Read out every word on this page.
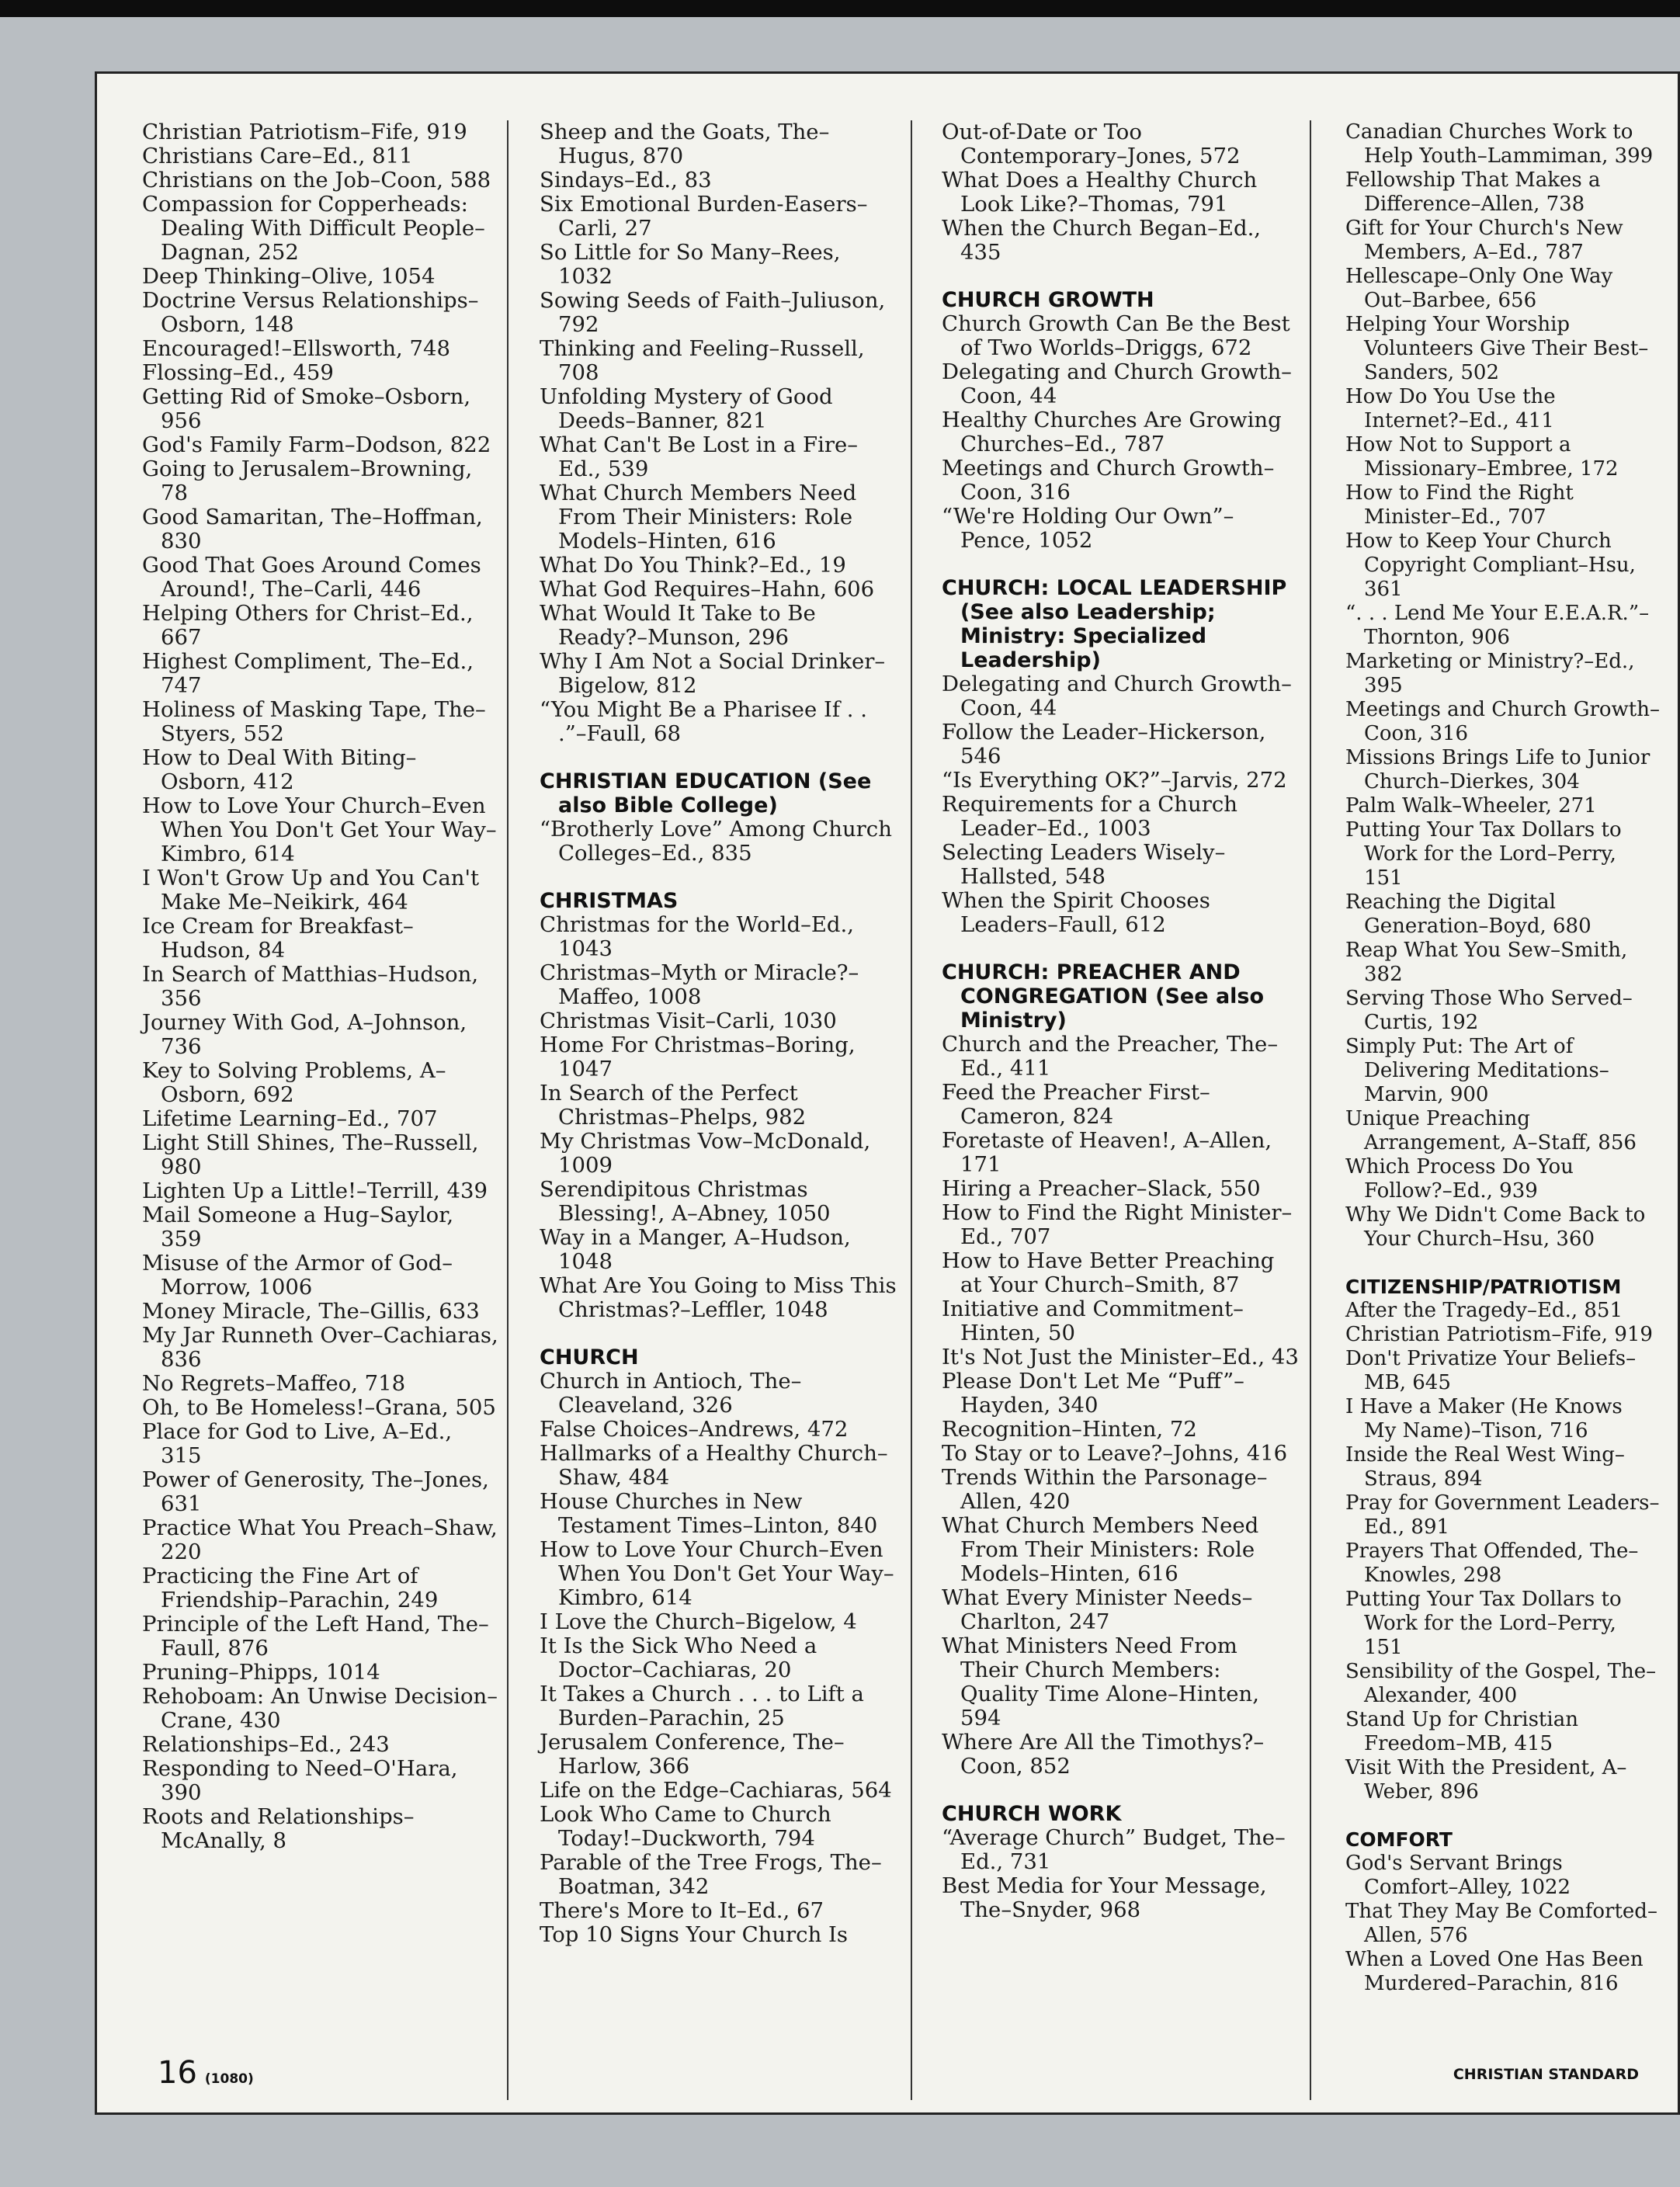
Christian Patriotism–Fife, 919

Christians Care–Ed., 811

Christians on the Job–Coon, 588

Compassion for Copperheads: Dealing With Difficult People–Dagnan, 252

Deep Thinking–Olive, 1054

Doctrine Versus Relationships–Osborn, 148

Encouraged!–Ellsworth, 748

Flossing–Ed., 459

Getting Rid of Smoke–Osborn, 956

God's Family Farm–Dodson, 822

Going to Jerusalem–Browning, 78

Good Samaritan, The–Hoffman, 830

Good That Goes Around Comes Around!, The–Carli, 446

Helping Others for Christ–Ed., 667

Highest Compliment, The–Ed., 747

Holiness of Masking Tape, The–Styers, 552

How to Deal With Biting–Osborn, 412

How to Love Your Church–Even When You Don't Get Your Way–Kimbro, 614

I Won't Grow Up and You Can't Make Me–Neikirk, 464

Ice Cream for Breakfast–Hudson, 84

In Search of Matthias–Hudson, 356

Journey With God, A–Johnson, 736

Key to Solving Problems, A–Osborn, 692

Lifetime Learning–Ed., 707

Light Still Shines, The–Russell, 980

Lighten Up a Little!–Terrill, 439

Mail Someone a Hug–Saylor, 359

Misuse of the Armor of God–Morrow, 1006

Money Miracle, The–Gillis, 633

My Jar Runneth Over–Cachiaras, 836

No Regrets–Maffeo, 718

Oh, to Be Homeless!–Grana, 505

Place for God to Live, A–Ed., 315

Power of Generosity, The–Jones, 631

Practice What You Preach–Shaw, 220

Practicing the Fine Art of Friendship–Parachin, 249

Principle of the Left Hand, The–Faull, 876

Pruning–Phipps, 1014

Rehoboam: An Unwise Decision–Crane, 430

Relationships–Ed., 243

Responding to Need–O'Hara, 390

Roots and Relationships–McAnally, 8

Sheep and the Goats, The–Hugus, 870

Sindays–Ed., 83

Six Emotional Burden-Easers–Carli, 27

So Little for So Many–Rees, 1032

Sowing Seeds of Faith–Juliuson, 792

Thinking and Feeling–Russell, 708

Unfolding Mystery of Good Deeds–Banner, 821

What Can't Be Lost in a Fire–Ed., 539

What Church Members Need From Their Ministers: Role Models–Hinten, 616

What Do You Think?–Ed., 19

What God Requires–Hahn, 606

What Would It Take to Be Ready?–Munson, 296

Why I Am Not a Social Drinker–Bigelow, 812

“You Might Be a Pharisee If . . .”–Faull, 68

CHRISTIAN EDUCATION (See also Bible College)

“Brotherly Love” Among Church Colleges–Ed., 835

CHRISTMAS

Christmas for the World–Ed., 1043

Christmas–Myth or Miracle?–Maffeo, 1008

Christmas Visit–Carli, 1030

Home For Christmas–Boring, 1047

In Search of the Perfect Christmas–Phelps, 982

My Christmas Vow–McDonald, 1009

Serendipitous Christmas Blessing!, A–Abney, 1050

Way in a Manger, A–Hudson, 1048

What Are You Going to Miss This Christmas?–Leffler, 1048

CHURCH

Church in Antioch, The–Cleaveland, 326

False Choices–Andrews, 472

Hallmarks of a Healthy Church–Shaw, 484

House Churches in New Testament Times–Linton, 840

How to Love Your Church–Even When You Don't Get Your Way–Kimbro, 614

I Love the Church–Bigelow, 4

It Is the Sick Who Need a Doctor–Cachiaras, 20

It Takes a Church . . . to Lift a Burden–Parachin, 25

Jerusalem Conference, The–Harlow, 366

Life on the Edge–Cachiaras, 564

Look Who Came to Church Today!–Duckworth, 794

Parable of the Tree Frogs, The–Boatman, 342

There's More to It–Ed., 67

Top 10 Signs Your Church Is

Out-of-Date or Too Contemporary–Jones, 572

What Does a Healthy Church Look Like?–Thomas, 791

When the Church Began–Ed., 435

CHURCH GROWTH

Church Growth Can Be the Best of Two Worlds–Driggs, 672

Delegating and Church Growth–Coon, 44

Healthy Churches Are Growing Churches–Ed., 787

Meetings and Church Growth–Coon, 316

“We're Holding Our Own”–Pence, 1052

CHURCH: LOCAL LEADERSHIP (See also Leadership; Ministry: Specialized Leadership)

Delegating and Church Growth–Coon, 44

Follow the Leader–Hickerson, 546

“Is Everything OK?”–Jarvis, 272

Requirements for a Church Leader–Ed., 1003

Selecting Leaders Wisely–Hallsted, 548

When the Spirit Chooses Leaders–Faull, 612

CHURCH: PREACHER AND CONGREGATION (See also Ministry)

Church and the Preacher, The–Ed., 411

Feed the Preacher First–Cameron, 824

Foretaste of Heaven!, A–Allen, 171

Hiring a Preacher–Slack, 550

How to Find the Right Minister–Ed., 707

How to Have Better Preaching at Your Church–Smith, 87

Initiative and Commitment–Hinten, 50

It's Not Just the Minister–Ed., 43

Please Don't Let Me “Puff”–Hayden, 340

Recognition–Hinten, 72

To Stay or to Leave?–Johns, 416

Trends Within the Parsonage–Allen, 420

What Church Members Need From Their Ministers: Role Models–Hinten, 616

What Every Minister Needs–Charlton, 247

What Ministers Need From Their Church Members: Quality Time Alone–Hinten, 594

Where Are All the Timothys?–Coon, 852

CHURCH WORK

“Average Church” Budget, The–Ed., 731

Best Media for Your Message, The–Snyder, 968

Canadian Churches Work to Help Youth–Lammiman, 399

Fellowship That Makes a Difference–Allen, 738

Gift for Your Church's New Members, A–Ed., 787

Hellescape–Only One Way Out–Barbee, 656

Helping Your Worship Volunteers Give Their Best–Sanders, 502

How Do You Use the Internet?–Ed., 411

How Not to Support a Missionary–Embree, 172

How to Find the Right Minister–Ed., 707

How to Keep Your Church Copyright Compliant–Hsu, 361

“. . . Lend Me Your E.E.A.R.”–Thornton, 906

Marketing or Ministry?–Ed., 395

Meetings and Church Growth–Coon, 316

Missions Brings Life to Junior Church–Dierkes, 304

Palm Walk–Wheeler, 271

Putting Your Tax Dollars to Work for the Lord–Perry, 151

Reaching the Digital Generation–Boyd, 680

Reap What You Sew–Smith, 382

Serving Those Who Served–Curtis, 192

Simply Put: The Art of Delivering Meditations–Marvin, 900

Unique Preaching Arrangement, A–Staff, 856

Which Process Do You Follow?–Ed., 939

Why We Didn't Come Back to Your Church–Hsu, 360

CITIZENSHIP/PATRIOTISM

After the Tragedy–Ed., 851

Christian Patriotism–Fife, 919

Don't Privatize Your Beliefs–MB, 645

I Have a Maker (He Knows My Name)–Tison, 716

Inside the Real West Wing–Straus, 894

Pray for Government Leaders–Ed., 891

Prayers That Offended, The–Knowles, 298

Putting Your Tax Dollars to Work for the Lord–Perry, 151

Sensibility of the Gospel, The–Alexander, 400

Stand Up for Christian Freedom–MB, 415

Visit With the President, A–Weber, 896

COMFORT

God's Servant Brings Comfort–Alley, 1022

That They May Be Comforted–Allen, 576

When a Loved One Has Been Murdered–Parachin, 816

16 (1080)	CHRISTIAN STANDARD
